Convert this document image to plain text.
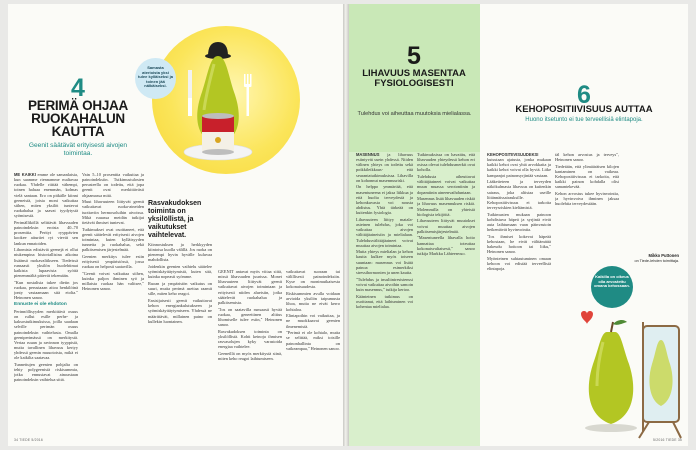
4
PERIMÄ OHJAA RUOKAHALUN KAUTTA
Geenit säätävät erityisesti aivojen toimintaa.
Samasta aterioista yksi tulee kylläiseksi ja toinen jää nälkäiseksi.
Rasvakudoksen toiminta on yksilöllistä, ja vaikutukset vaihtelevat.

ME KAIKKI emme ole samanlaisia, kun saamme riennamme maltavaa ruokaa. Yhdelle riittää vähempi, toinen haluaa enemmän, kolmas vielä santaan. Ero on pitkälle kiinni geeneistä, joista moni vaikuttaa siihen, miten yksilöt tuntevat ruokahalua ja saavat tyydytystä syömisestä.

Perimälliköllä selittävät lihavuuden painoindeksin eroista 40–70 prosenttia. Perityt ryyppävien kookee aiturtiet ryt vievät sen lankun ennatoiden.

Lihomista edistäviä geenejä ei ollut niukempina historiallisina aikoina lisäänsä ruokavaliikseen. Tiedeissä runsaasti yksilön huolehtimat kaikista lupaavista syöttä pienemmältä pätevät tekemään.

"Kun nostalisia tukee dietin jos ruokaa, perustaaan aitoa henkilöinä jonty vastaamaan sitä eiolta." Heinonen sanoo.

Ennuste ei ole ehdoton

Perinnöllisyyden merkittävä osuus on rullut esille perhe- ja kaksostutkimuksissa, joilla saadaan selville perimän osuus painoindeksin vaihtelusta. Omalla geeniperimässä on merkitystä. Vertaa ruuan ja ravinnon tyyppisiä, mutta tavallinen lihavuus kertyy yhdessä geenin muuotoista, mikä ei ole kaikilta saatavaa.

Tunnettujen geenien pohjalta on tehty polygeenisiä riskisummia, jotka ennustavat ainoastaan painoindeksin vaihtelua sittä.

Vain 5–10 prosenttia vaikuttaa ja painoindeksiin. Tutkimustulosten perusteella on todettu, että jopa geenit ovat merkittävästi ohjaamassa mitä.

Muut lihavuuteen liittyvät geenit vaikuttavat ruoka-aineiden tuottaviin hermosoluihin aivoissa. Mikä ruuassa meidän tutkijat tietävät ihmiset tuntevat.

Tutkimukset ovat osoittaneet, että geenit säätelevät erityisesti aivojen toimintaa, kuten kylläisyyden tunnetta ja ruokahalua, sekä palkitsemisen järjestelmää.

Geenien merkitys tulee esiin erityisesti ympäristössä, jossa ruokaa on helposti saatavilla.

"Geenit voivat vaikuttaa siihen, kuinka paljon ihminen syö ja millaista ruokaa hän valitsee," Heinonen sanoo.

Kiinnostuksen ja herkkyyden kiintoisa kuolla välillä. Jos ruoka on pienempi hyvin hyvälle kuluvaa mahdollista.

Joidenkin geenien vaihtelu säätelee syömiskäyttäytymistä, kuten sitä, kuinka nopeasti syömme.

Ruoan ja ympäristön vaikutus on suuri, mutta perimä asettaa raamit sille, miten keho reagoi.

Ensisijaisesti geenit vaikuttavat kehon energiankulutukseen ja syömiskäyttäytymiseen. Yhdessä ne määrittävät, millainen paino on kullekin luontainen.

GEENIT antavat myös viitaa siitä, missä lihavuuden juurissa. Monet lihavuuteen liittyvät geenit vaikuttavat aivojen toimintaan ja erityisesti niiden alueisiin, jotka säätelevät ruokahalua ja palkitsemista.

"Jos on saatavilla runsaasti hyvää ruokaa, geneettinen alttius lihomiselle tulee esiin," Heinonen sanoo.

Rasvakudoksen toiminta on yksilöllistä. Kohti keinoja ihmisen rasvasolujen kyky varastoida energiaa vaihtelee.

Geeneillä on myös merkitystä siinä, miten keho reagoi laihtumiseen.

vaikuttavat suoraan tai välillisesti painoindeksiin. Kyse on monimutkaisesta kokonaisuudesta.

Riskisummien avulla voidaan arvioida yksilön taipumusta lihoa, mutta ne eivät kerro kohtaloa.

Elintapoihin voi vaikuttaa, ja ne muokkaavat geenien ilmenemistä.

"Perimä ei ole kohtalo, mutta se selittää, miksi toisille painonhallinta on vaikeampaa," Heinonen sanoo.

34 TIEDE 5/2016
5
LIHAVUUS MASENTAA FYSIOLOGISESTI
Tulehdus voi aiheuttaa muutoksia mielialassa.

MASENNUS ja lihavuus esiintyvät usein yhdessä. Niiden välinen yhteys on todettu sekä poikkileikkaus- että seurantatutkimuksissa. Lihavilla on kohonnut masennusriski.

On helppo ymmärtää, että masentuneena ei jaksa liikkua ja että huolta terveydestä ja kehonkuvasta voi nousta ahdistus. Yhtä tärkeää on kuitenkin fysiologia.

Lihavuuteen liittyy matala-asteinen tulehdus, joka voi vaikuttaa aivojen välittäjäaineisiin ja mielialaan. Tulehdusvälittäjäaineet voivat muuttaa aivojen toimintaa.

Mutta yhteys mielialan ja kehon kautta kulkee myös toiseen suuntaan: masennus voi lisätä painoa esimerkiksi stressihormonien ja unen kautta.

"Tulehdus ja insuliiniresistenssi voivat vaikuttaa aivoihin samoin kuin masennus," tutkija kertoo.

Käänteinen tutkimus on osoittanut, että laihtuminen voi kohentaa mielialaa.

Tutkimuksissa on havaittu, että lihavuuden yhteydessä kehon eri osissa olevat tulehdusmerkit ovat koholla.

Tulehdusta aiheuttavat välittäjäaineet voivat vaikuttaa muun muassa serotoniinin ja dopamiinin aineenvaihduntaan.

Masennus lisää lihavuuden riskiä ja lihavuus masennuksen riskiä. Molemmilla on yhteisiä biologisia tekijöitä.

Lihavuuteen liittyvät muutokset voivat muuttaa aivojen palkitsemisjärjestelmää.

"Masentuneella lihavalla hoito kannattaa toteuttaa kokonaisvaltaisesti," sanoo tutkija Markku Lähteenvuo.

6
KEHOPOSITIIVISUUS AUTTAA
Huono itsetunto ei tue terveellisiä elintapoja.

KEHOPOSITIIVISUUDEKSI kutsutaan ajatusta, jonka mukaan kaikki kehot ovat yhtä arvokkaita ja kaikki kehot voivat olla hyviä. Liike kampanjoi painonsyrjintää vastaan.

Lääketieteen ja terveyden näkökulmasta lihavuus on kuitenkin sairaus, joka altistaa useille liitännäissairauksille. Kehopositiivisuus ei tarkoita terveysriskien kieltämistä.

Tutkimusten mukaan painoon kohdistuva häpeä ja syrjintä eivät auta laihtumaan vaan päinvastoin heikentävät hyvinvointia.

"Jos ihmiset kokevat häpeää kehostaan, he eivät välttämättä hakeudu hoitoon tai liiku," Heinonen sanoo.

Myönteinen suhtautuminen omaan kehoon voi edistää terveellisiä elintapoja.

täl kehon arvostus ja terveys", Heinonen sanoo.

Tiedetään, että ylimääräisen kilojen kantaminen on vaikeaa. Kehopositiivisuus ei tarkoita, että kaikki painon kohdalla olisi samantekevää.

Kehon arvostus tukee hyvinvointia, ja hyvinvoiva ihminen jaksaa huolehtia terveydestään.

Mikko Puttonen
on Tiede-lehden toimittaja.
Kaikilla on oikeus olla arvostettu omana kehossaan.
5/2016 TIEDE 35
